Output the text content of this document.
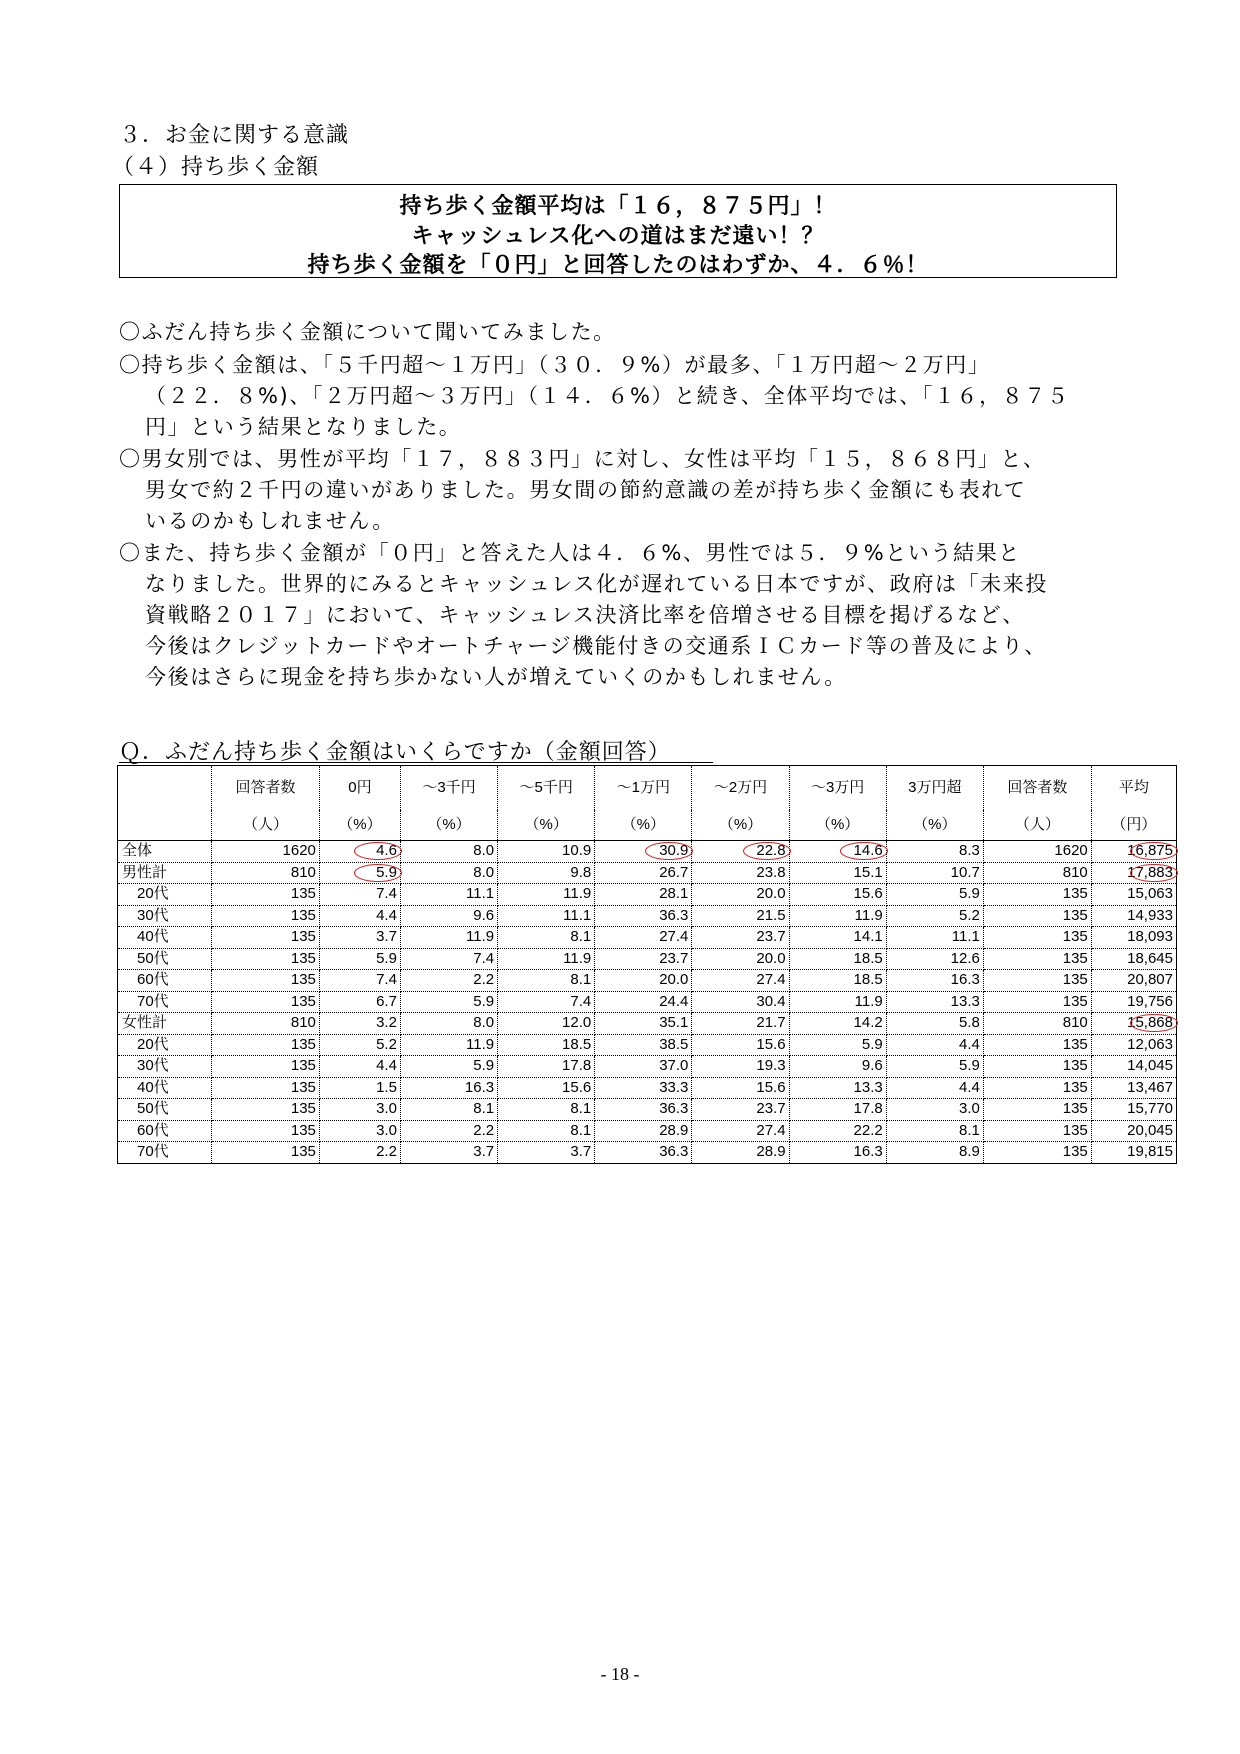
３．お金に関する意識
（４）持ち歩く金額
持ち歩く金額平均は「１６，８７５円」！
キャッシュレス化への道はまだ遠い！？
持ち歩く金額を「０円」と回答したのはわずか、４．６％！
〇ふだん持ち歩く金額について聞いてみました。
〇持ち歩く金額は、「５千円超～１万円」（３０．９%）が最多、「１万円超～２万円」
（２２．８%)、「２万円超～３万円」（１４．６%）と続き、全体平均では、「１６，８７５
円」という結果となりました。
〇男女別では、男性が平均「１７，８８３円」に対し、女性は平均「１５，８６８円」と、
男女で約２千円の違いがありました。男女間の節約意識の差が持ち歩く金額にも表れて
いるのかもしれません。
〇また、持ち歩く金額が「０円」と答えた人は４．６%、男性では５．９%という結果と
なりました。世界的にみるとキャッシュレス化が遅れている日本ですが、政府は「未来投
資戦略２０１７」において、キャッシュレス決済比率を倍増させる目標を掲げるなど、
今後はクレジットカードやオートチャージ機能付きの交通系ＩＣカード等の普及により、
今後はさらに現金を持ち歩かない人が増えていくのかもしれません。
Ｑ．ふだん持ち歩く金額はいくらですか（金額回答）
	回答者数	0円	～3千円	～5千円	～1万円	～2万円	～3万円	3万円超	回答者数	平均
	（人）	（%）	（%）	（%）	（%）	（%）	（%）	（%）	（人）	（円）
全体	1620	4.6	8.0	10.9	30.9	22.8	14.6	8.3	1620	16,875

男性計	810	5.9	8.0	9.8	26.7	23.8	15.1	10.7	810	17,883

　20代	135	7.4	11.1	11.9	28.1	20.0	15.6	5.9	135	15,063
　30代	135	4.4	9.6	11.1	36.3	21.5	11.9	5.2	135	14,933
　40代	135	3.7	11.9	8.1	27.4	23.7	14.1	11.1	135	18,093
　50代	135	5.9	7.4	11.9	23.7	20.0	18.5	12.6	135	18,645
　60代	135	7.4	2.2	8.1	20.0	27.4	18.5	16.3	135	20,807
　70代	135	6.7	5.9	7.4	24.4	30.4	11.9	13.3	135	19,756
女性計	810	3.2	8.0	12.0	35.1	21.7	14.2	5.8	810	15,868

　20代	135	5.2	11.9	18.5	38.5	15.6	5.9	4.4	135	12,063
　30代	135	4.4	5.9	17.8	37.0	19.3	9.6	5.9	135	14,045
　40代	135	1.5	16.3	15.6	33.3	15.6	13.3	4.4	135	13,467
　50代	135	3.0	8.1	8.1	36.3	23.7	17.8	3.0	135	15,770
　60代	135	3.0	2.2	8.1	28.9	27.4	22.2	8.1	135	20,045
　70代	135	2.2	3.7	3.7	36.3	28.9	16.3	8.9	135	19,815
- 18 -
